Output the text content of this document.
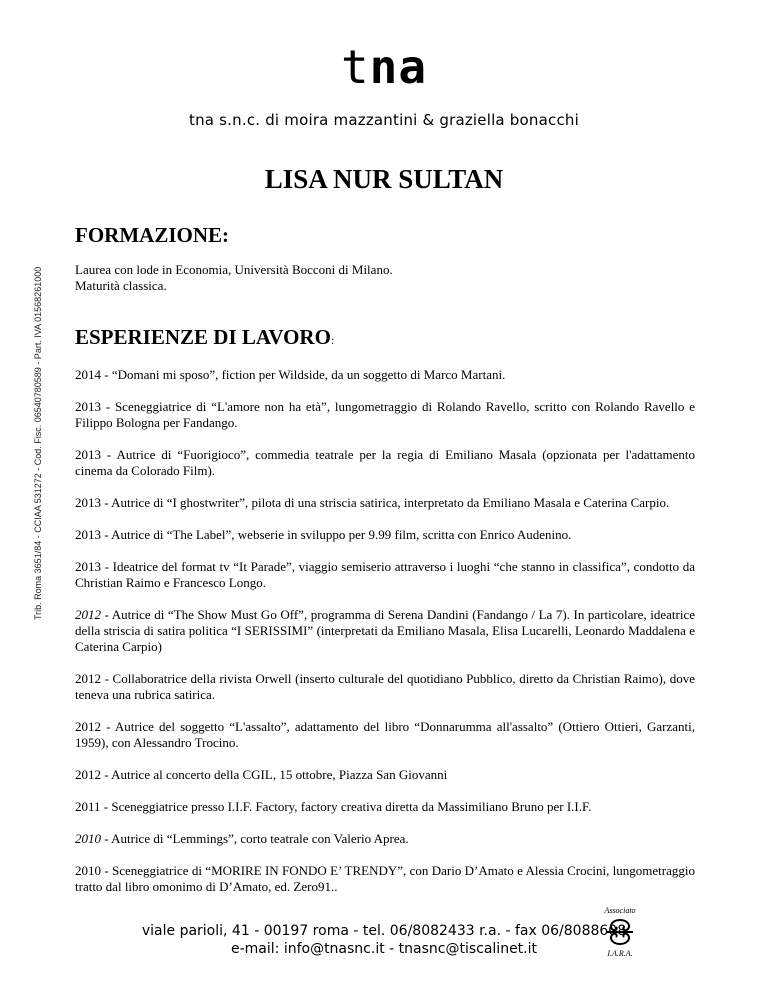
tna
tna s.n.c. di moira mazzantini & graziella bonacchi
Trib. Roma 3651/84 - CCIAA 531272 - Cod. Fisc. 06540780589 - Part. IVA 01568261000
LISA NUR SULTAN
FORMAZIONE:
Laurea con lode in Economia, Università Bocconi di Milano.
Maturità classica.
ESPERIENZE DI LAVORO:

2014 - “Domani mi sposo”, fiction per Wildside, da un soggetto di Marco Martani.

2013 - Sceneggiatrice di “L'amore non ha età”, lungometraggio di Rolando Ravello, scritto con Rolando Ravello e Filippo Bologna per Fandango.

2013 - Autrice di “Fuorigioco”, commedia teatrale per la regia di Emiliano Masala (opzionata per l'adattamento cinema da Colorado Film).

2013 - Autrice di “I ghostwriter”, pilota di una striscia satirica, interpretato da Emiliano Masala e Caterina Carpio.

2013 - Autrice di “The Label”, webserie in sviluppo per 9.99 film, scritta con Enrico Audenino.

2013 - Ideatrice del format tv “It Parade”, viaggio semiserio attraverso i luoghi “che stanno in classifica”, condotto da Christian Raimo e Francesco Longo.

2012 - Autrice di “The Show Must Go Off”, programma di Serena Dandini (Fandango / La 7). In particolare, ideatrice della striscia di satira politica “I SERISSIMI” (interpretati da Emiliano Masala, Elisa Lucarelli, Leonardo Maddalena e Caterina Carpio)

2012 - Collaboratrice della rivista Orwell (inserto culturale del quotidiano Pubblico, diretto da Christian Raimo), dove teneva una rubrica satirica.

2012 - Autrice del soggetto “L'assalto”, adattamento del libro “Donnarumma all'assalto” (Ottiero Ottieri, Garzanti, 1959), con Alessandro Trocino.

2012 - Autrice al concerto della CGIL, 15 ottobre, Piazza San Giovanni

2011 - Sceneggiatrice presso I.I.F. Factory, factory creativa diretta da Massimiliano Bruno per I.I.F.

2010 - Autrice di “Lemmings”, corto teatrale con Valerio Aprea.

2010 - Sceneggiatrice di “MORIRE IN FONDO E’ TRENDY”, con Dario D’Amato e Alessia Crocini, lungometraggio tratto dal libro omonimo di D’Amato, ed. Zero91..

viale parioli, 41 - 00197 roma - tel. 06/8082433 r.a. - fax 06/8088608
e-mail: info@tnasnc.it - tnasnc@tiscalinet.it
Associato
I.A.R.A.
